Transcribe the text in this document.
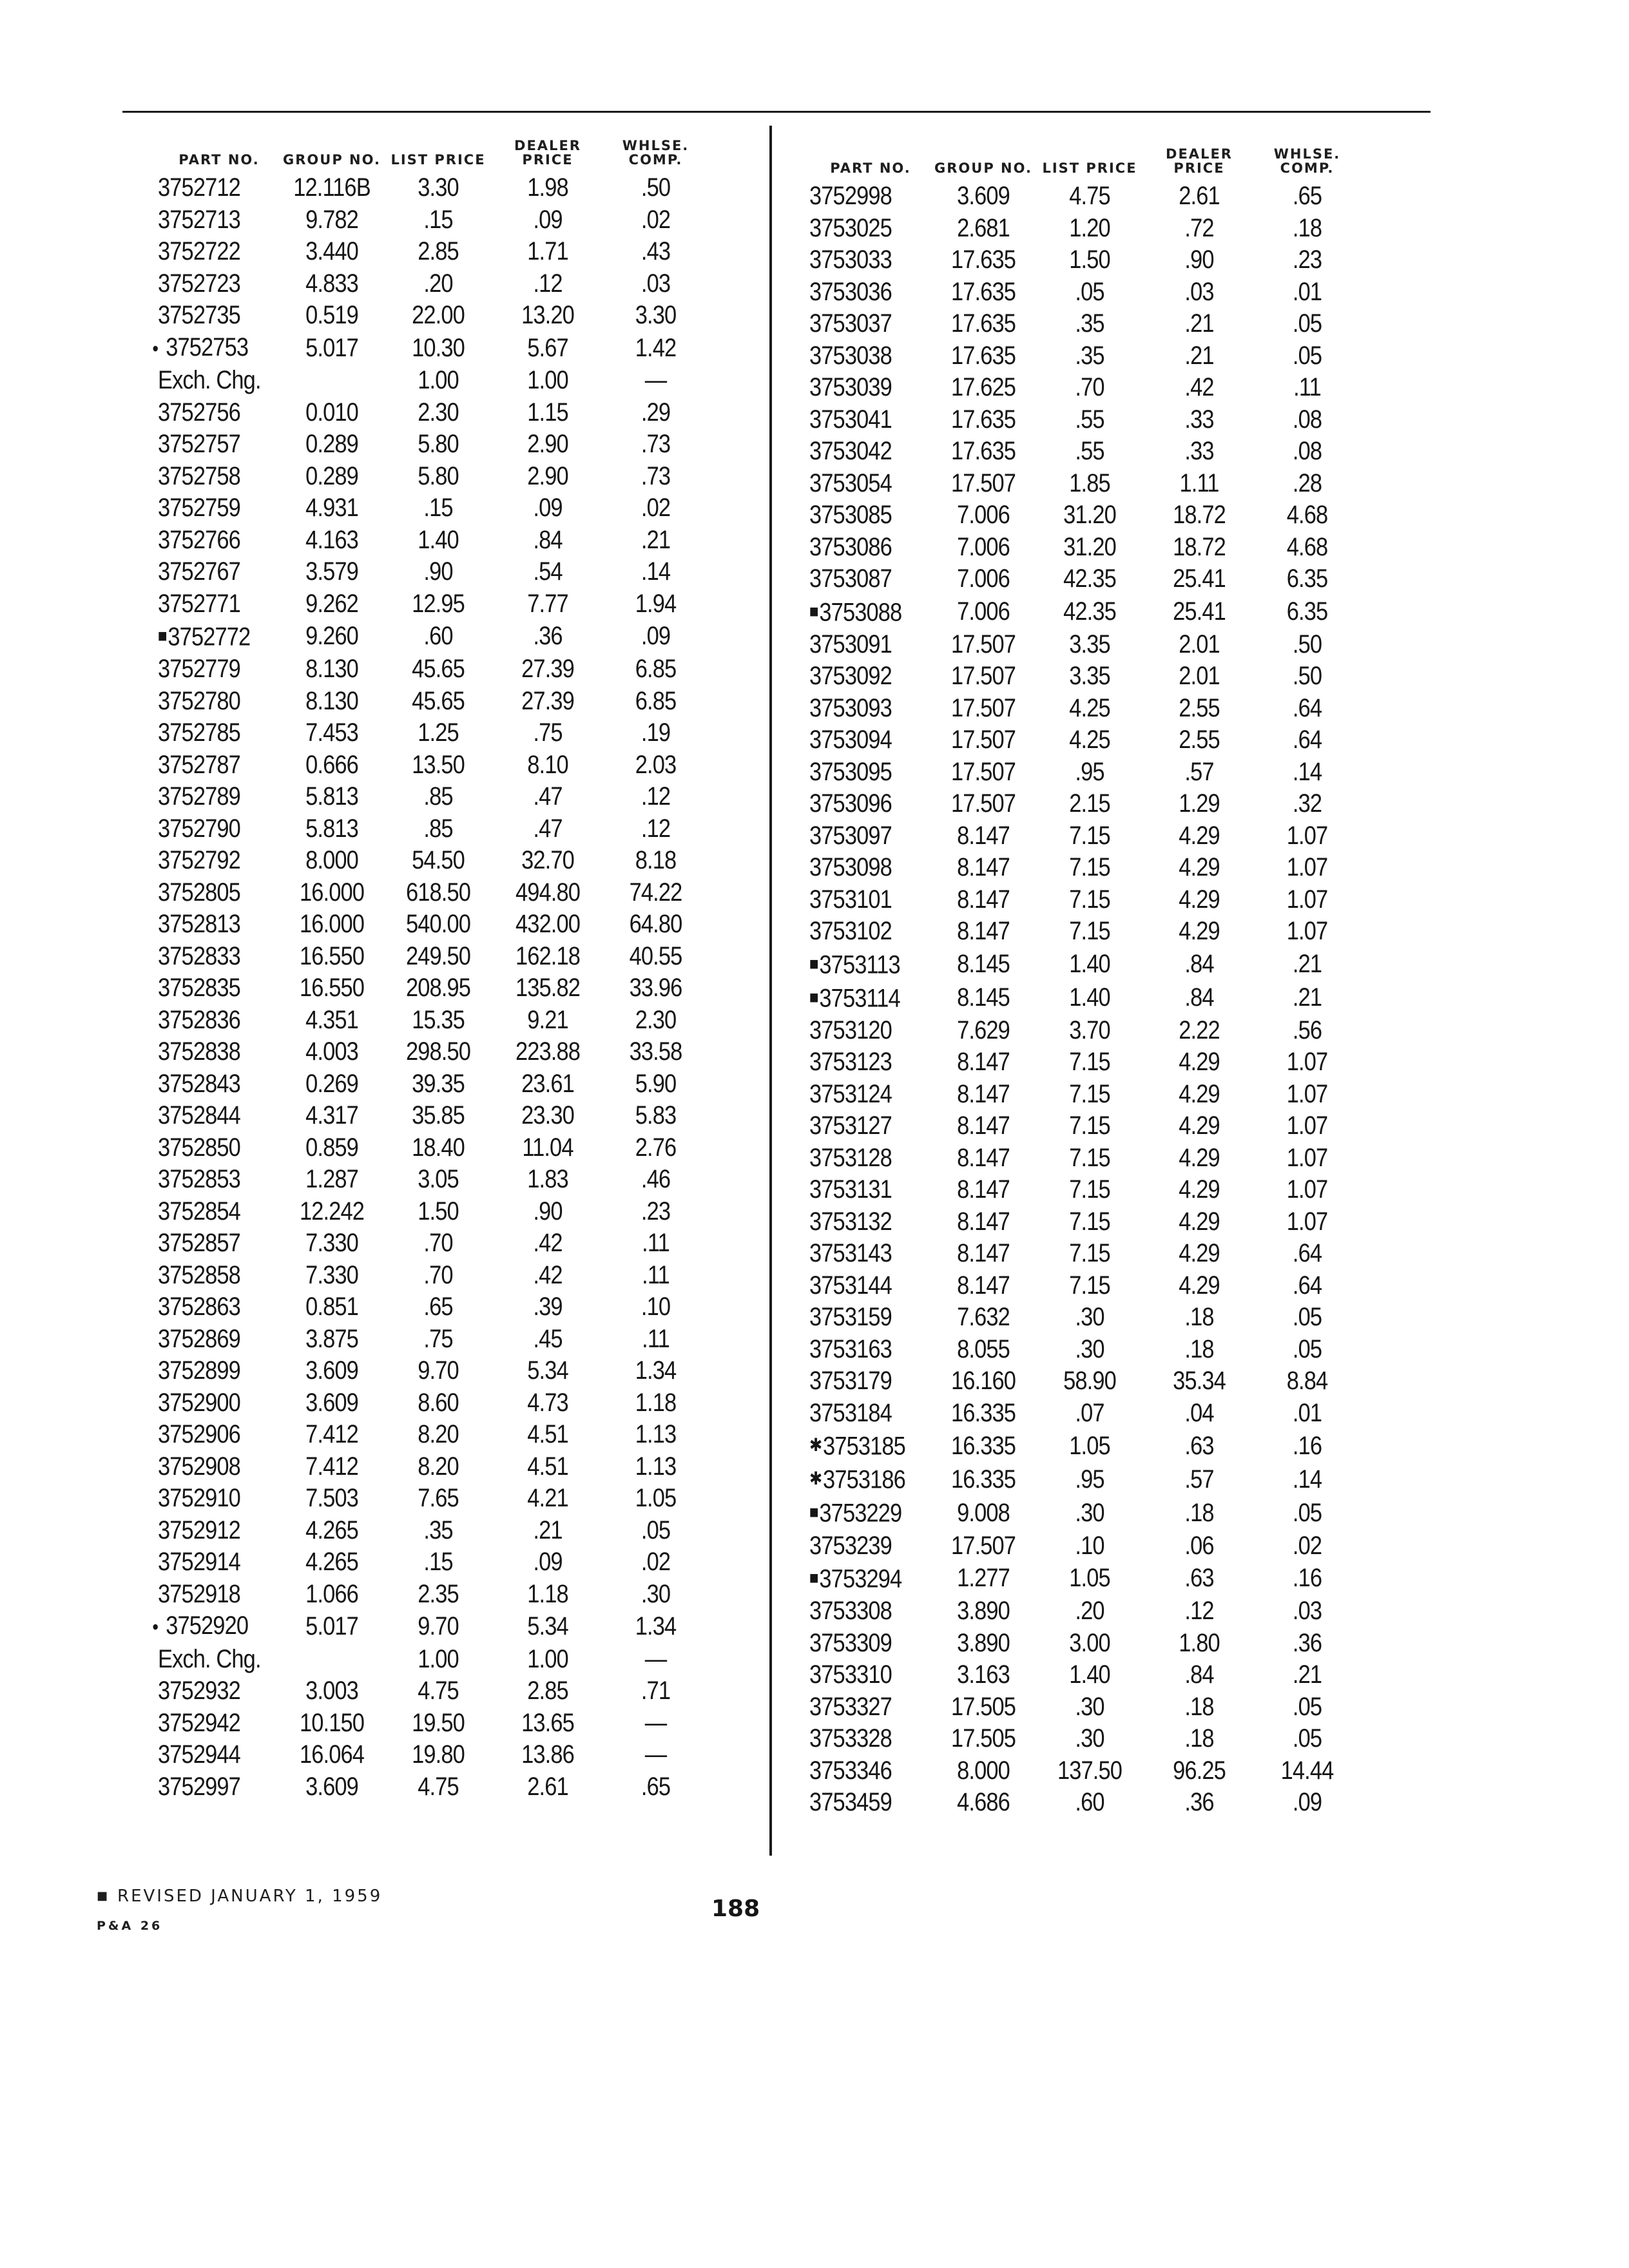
PART NO.	GROUP NO.	LIST PRICE	DEALER PRICE	WHLSE. COMP.
3752712	12.116B	3.30	1.98	.50
3752713	9.782	.15	.09	.02
3752722	3.440	2.85	1.71	.43
3752723	4.833	.20	.12	.03
3752735	0.519	22.00	13.20	3.30
• 3752753	5.017	10.30	5.67	1.42
Exch. Chg.		1.00	1.00	—
3752756	0.010	2.30	1.15	.29
3752757	0.289	5.80	2.90	.73
3752758	0.289	5.80	2.90	.73
3752759	4.931	.15	.09	.02
3752766	4.163	1.40	.84	.21
3752767	3.579	.90	.54	.14
3752771	9.262	12.95	7.77	1.94
■3752772	9.260	.60	.36	.09
3752779	8.130	45.65	27.39	6.85
3752780	8.130	45.65	27.39	6.85
3752785	7.453	1.25	.75	.19
3752787	0.666	13.50	8.10	2.03
3752789	5.813	.85	.47	.12
3752790	5.813	.85	.47	.12
3752792	8.000	54.50	32.70	8.18
3752805	16.000	618.50	494.80	74.22
3752813	16.000	540.00	432.00	64.80
3752833	16.550	249.50	162.18	40.55
3752835	16.550	208.95	135.82	33.96
3752836	4.351	15.35	9.21	2.30
3752838	4.003	298.50	223.88	33.58
3752843	0.269	39.35	23.61	5.90
3752844	4.317	35.85	23.30	5.83
3752850	0.859	18.40	11.04	2.76
3752853	1.287	3.05	1.83	.46
3752854	12.242	1.50	.90	.23
3752857	7.330	.70	.42	.11
3752858	7.330	.70	.42	.11
3752863	0.851	.65	.39	.10
3752869	3.875	.75	.45	.11
3752899	3.609	9.70	5.34	1.34
3752900	3.609	8.60	4.73	1.18
3752906	7.412	8.20	4.51	1.13
3752908	7.412	8.20	4.51	1.13
3752910	7.503	7.65	4.21	1.05
3752912	4.265	.35	.21	.05
3752914	4.265	.15	.09	.02
3752918	1.066	2.35	1.18	.30
• 3752920	5.017	9.70	5.34	1.34
Exch. Chg.		1.00	1.00	—
3752932	3.003	4.75	2.85	.71
3752942	10.150	19.50	13.65	—
3752944	16.064	19.80	13.86	—
3752997	3.609	4.75	2.61	.65
PART NO.	GROUP NO.	LIST PRICE	DEALER PRICE	WHLSE. COMP.
3752998	3.609	4.75	2.61	.65
3753025	2.681	1.20	.72	.18
3753033	17.635	1.50	.90	.23
3753036	17.635	.05	.03	.01
3753037	17.635	.35	.21	.05
3753038	17.635	.35	.21	.05
3753039	17.625	.70	.42	.11
3753041	17.635	.55	.33	.08
3753042	17.635	.55	.33	.08
3753054	17.507	1.85	1.11	.28
3753085	7.006	31.20	18.72	4.68
3753086	7.006	31.20	18.72	4.68
3753087	7.006	42.35	25.41	6.35
■3753088	7.006	42.35	25.41	6.35
3753091	17.507	3.35	2.01	.50
3753092	17.507	3.35	2.01	.50
3753093	17.507	4.25	2.55	.64
3753094	17.507	4.25	2.55	.64
3753095	17.507	.95	.57	.14
3753096	17.507	2.15	1.29	.32
3753097	8.147	7.15	4.29	1.07
3753098	8.147	7.15	4.29	1.07
3753101	8.147	7.15	4.29	1.07
3753102	8.147	7.15	4.29	1.07
■3753113	8.145	1.40	.84	.21
■3753114	8.145	1.40	.84	.21
3753120	7.629	3.70	2.22	.56
3753123	8.147	7.15	4.29	1.07
3753124	8.147	7.15	4.29	1.07
3753127	8.147	7.15	4.29	1.07
3753128	8.147	7.15	4.29	1.07
3753131	8.147	7.15	4.29	1.07
3753132	8.147	7.15	4.29	1.07
3753143	8.147	7.15	4.29	.64
3753144	8.147	7.15	4.29	.64
3753159	7.632	.30	.18	.05
3753163	8.055	.30	.18	.05
3753179	16.160	58.90	35.34	8.84
3753184	16.335	.07	.04	.01
✱3753185	16.335	1.05	.63	.16
✱3753186	16.335	.95	.57	.14
■3753229	9.008	.30	.18	.05
3753239	17.507	.10	.06	.02
■3753294	1.277	1.05	.63	.16
3753308	3.890	.20	.12	.03
3753309	3.890	3.00	1.80	.36
3753310	3.163	1.40	.84	.21
3753327	17.505	.30	.18	.05
3753328	17.505	.30	.18	.05
3753346	8.000	137.50	96.25	14.44
3753459	4.686	.60	.36	.09
■ REVISED JANUARY 1, 1959
P&A 26
188
